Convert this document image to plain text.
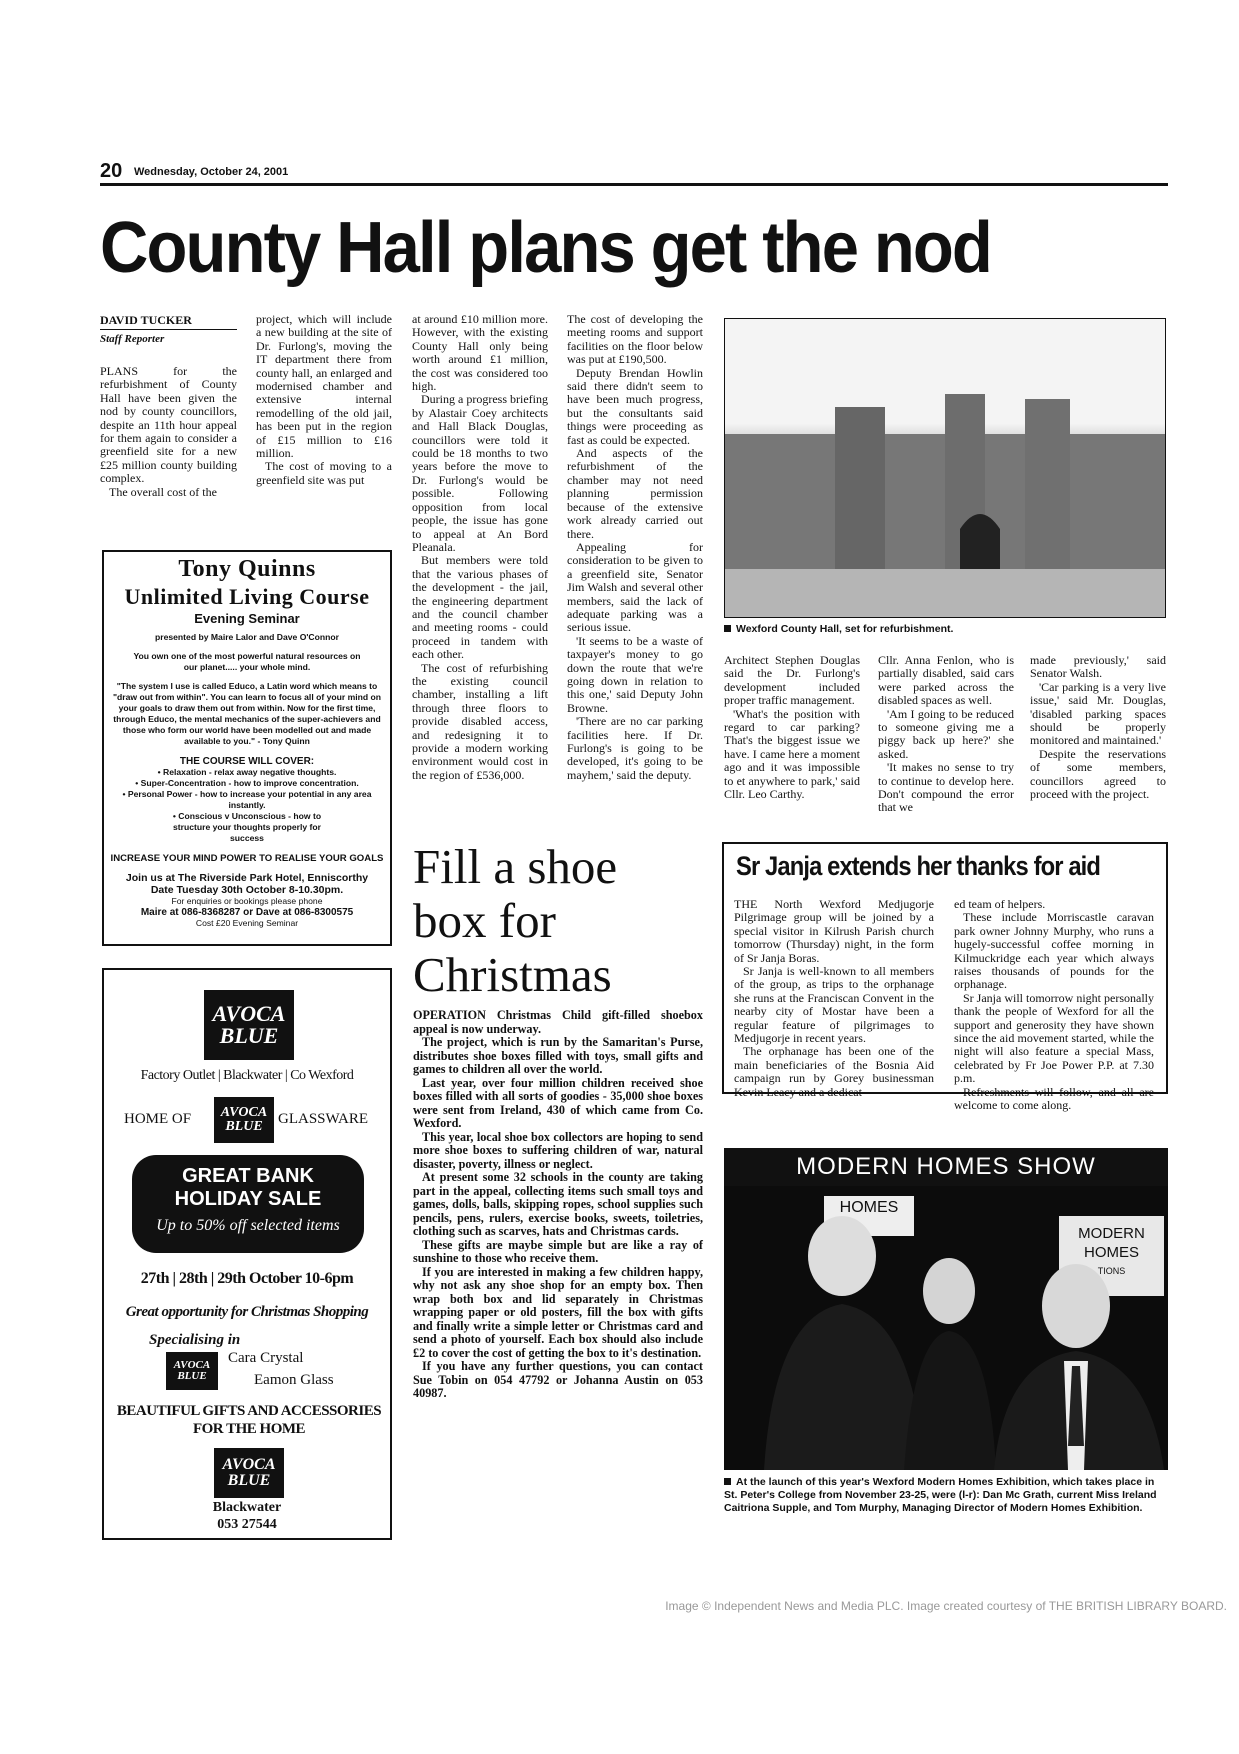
20 Wednesday, October 24, 2001
County Hall plans get the nod
DAVID TUCKER
Staff Reporter

PLANS for the refurbishment of County Hall have been given the nod by county councillors, despite an 11th hour appeal for them again to consider a greenfield site for a new £25 million county building complex.

The overall cost of the

project, which will include a new building at the site of Dr. Furlong's, moving the IT department there from county hall, an enlarged and modernised chamber and extensive internal remodelling of the old jail, has been put in the region of £15 million to £16 million.

The cost of moving to a greenfield site was put

at around £10 million more. However, with the existing County Hall only being worth around £1 million, the cost was considered too high.

During a progress briefing by Alastair Coey architects and Hall Black Douglas, councillors were told it could be 18 months to two years before the move to Dr. Furlong's would be possible. Following opposition from local people, the issue has gone to appeal at An Bord Pleanala.

But members were told that the various phases of the development - the jail, the engineering department and the council chamber and meeting rooms - could proceed in tandem with each other.

The cost of refurbishing the existing council chamber, installing a lift through three floors to provide disabled access, and redesigning it to provide a modern working environment would cost in the region of £536,000.

The cost of developing the meeting rooms and support facilities on the floor below was put at £190,500.

Deputy Brendan Howlin said there didn't seem to have been much progress, but the consultants said things were proceeding as fast as could be expected.

And aspects of the refurbishment of the chamber may not need planning permission because of the extensive work already carried out there.

Appealing for consideration to be given to a greenfield site, Senator Jim Walsh and several other members, said the lack of adequate parking was a serious issue.

'It seems to be a waste of taxpayer's money to go down the route that we're going down in relation to this one,' said Deputy John Browne.

'There are no car parking facilities here. If Dr. Furlong's is going to be developed, it's going to be mayhem,' said the deputy.

Wexford County Hall, set for refurbishment.

Architect Stephen Douglas said the Dr. Furlong's development included proper traffic management.

'What's the position with regard to car parking? That's the biggest issue we have. I came here a moment ago and it was impossible to et anywhere to park,' said Cllr. Leo Carthy.

Cllr. Anna Fenlon, who is partially disabled, said cars were parked across the disabled spaces as well.

'Am I going to be reduced to someone giving me a piggy back up here?' she asked.

'It makes no sense to try to continue to develop here. Don't compound the error that we

made previously,' said Senator Walsh.

'Car parking is a very live issue,' said Mr. Douglas, 'disabled parking spaces should be properly monitored and maintained.'

Despite the reservations of some members, councillors agreed to proceed with the project.

Tony Quinns
Unlimited Living Course
Evening Seminar
presented by Maire Lalor and Dave O'Connor
You own one of the most powerful natural resources on our planet..... your whole mind.
"The system I use is called Educo, a Latin word which means to "draw out from within". You can learn to focus all of your mind on your goals to draw them out from within. Now for the first time, through Educo, the mental mechanics of the super-achievers and those who form our world have been modelled out and made available to you." - Tony Quinn
THE COURSE WILL COVER:
• Relaxation - relax away negative thoughts.
• Super-Concentration - how to improve concentration.
• Personal Power - how to increase your potential in any area instantly.
• Conscious v Unconscious - how to structure your thoughts properly for success
INCREASE YOUR MIND POWER TO REALISE YOUR GOALS
Join us at The Riverside Park Hotel, Enniscorthy
Date Tuesday 30th October 8-10.30pm.
For enquiries or bookings please phone
Maire at 086-8368287 or Dave at 086-8300575
Cost £20 Evening Seminar
AVOCA
BLUE
Factory Outlet | Blackwater | Co Wexford
HOME OF AVOCA
BLUE GLASSWARE
GREAT BANK
HOLIDAY SALE
Up to 50% off selected items
27th | 28th | 29th October 10-6pm
Great opportunity for Christmas Shopping
Specialising in
AVOCA
BLUE
Cara Crystal
Eamon Glass
BEAUTIFUL GIFTS AND ACCESSORIES FOR THE HOME
AVOCA
BLUE
Blackwater
053 27544
Fill a shoe box for Christmas

OPERATION Christmas Child gift-filled shoebox appeal is now underway.

The project, which is run by the Samaritan's Purse, distributes shoe boxes filled with toys, small gifts and games to children all over the world.

Last year, over four million children received shoe boxes filled with all sorts of goodies - 35,000 shoe boxes were sent from Ireland, 430 of which came from Co. Wexford.

This year, local shoe box collectors are hoping to send more shoe boxes to suffering children of war, natural disaster, poverty, illness or neglect.

At present some 32 schools in the county are taking part in the appeal, collecting items such small toys and games, dolls, balls, skipping ropes, school supplies such pencils, pens, rulers, exercise books, sweets, toiletries, clothing such as scarves, hats and Christmas cards.

These gifts are maybe simple but are like a ray of sunshine to those who receive them.

If you are interested in making a few children happy, why not ask any shoe shop for an empty box. Then wrap both box and lid separately in Christmas wrapping paper or old posters, fill the box with gifts and finally write a simple letter or Christmas card and send a photo of yourself. Each box should also include £2 to cover the cost of getting the box to it's destination.

If you have any further questions, you can contact Sue Tobin on 054 47792 or Johanna Austin on 053 40987.

Sr Janja extends her thanks for aid

THE North Wexford Medjugorje Pilgrimage group will be joined by a special visitor in Kilrush Parish church tomorrow (Thursday) night, in the form of Sr Janja Boras.

Sr Janja is well-known to all members of the group, as trips to the orphanage she runs at the Franciscan Convent in the nearby city of Mostar have been a regular feature of pilgrimages to Medjugorje in recent years.

The orphanage has been one of the main beneficiaries of the Bosnia Aid campaign run by Gorey businessman Kevin Leacy and a dedicat-

ed team of helpers.

These include Morriscastle caravan park owner Johnny Murphy, who runs a hugely-successful coffee morning in Kilmuckridge each year which always raises thousands of pounds for the orphanage.

Sr Janja will tomorrow night personally thank the people of Wexford for all the support and generosity they have shown since the aid movement started, while the night will also feature a special Mass, celebrated by Fr Joe Power P.P. at 7.30 p.m.

Refreshments will follow, and all are welcome to come along.

MODERN HOMES SHOW
HOMES
MODERN
HOMES
TIONS
At the launch of this year's Wexford Modern Homes Exhibition, which takes place in St. Peter's College from November 23-25, were (l-r): Dan Mc Grath, current Miss Ireland Caitriona Supple, and Tom Murphy, Managing Director of Modern Homes Exhibition.
Image © Independent News and Media PLC. Image created courtesy of THE BRITISH LIBRARY BOARD.
